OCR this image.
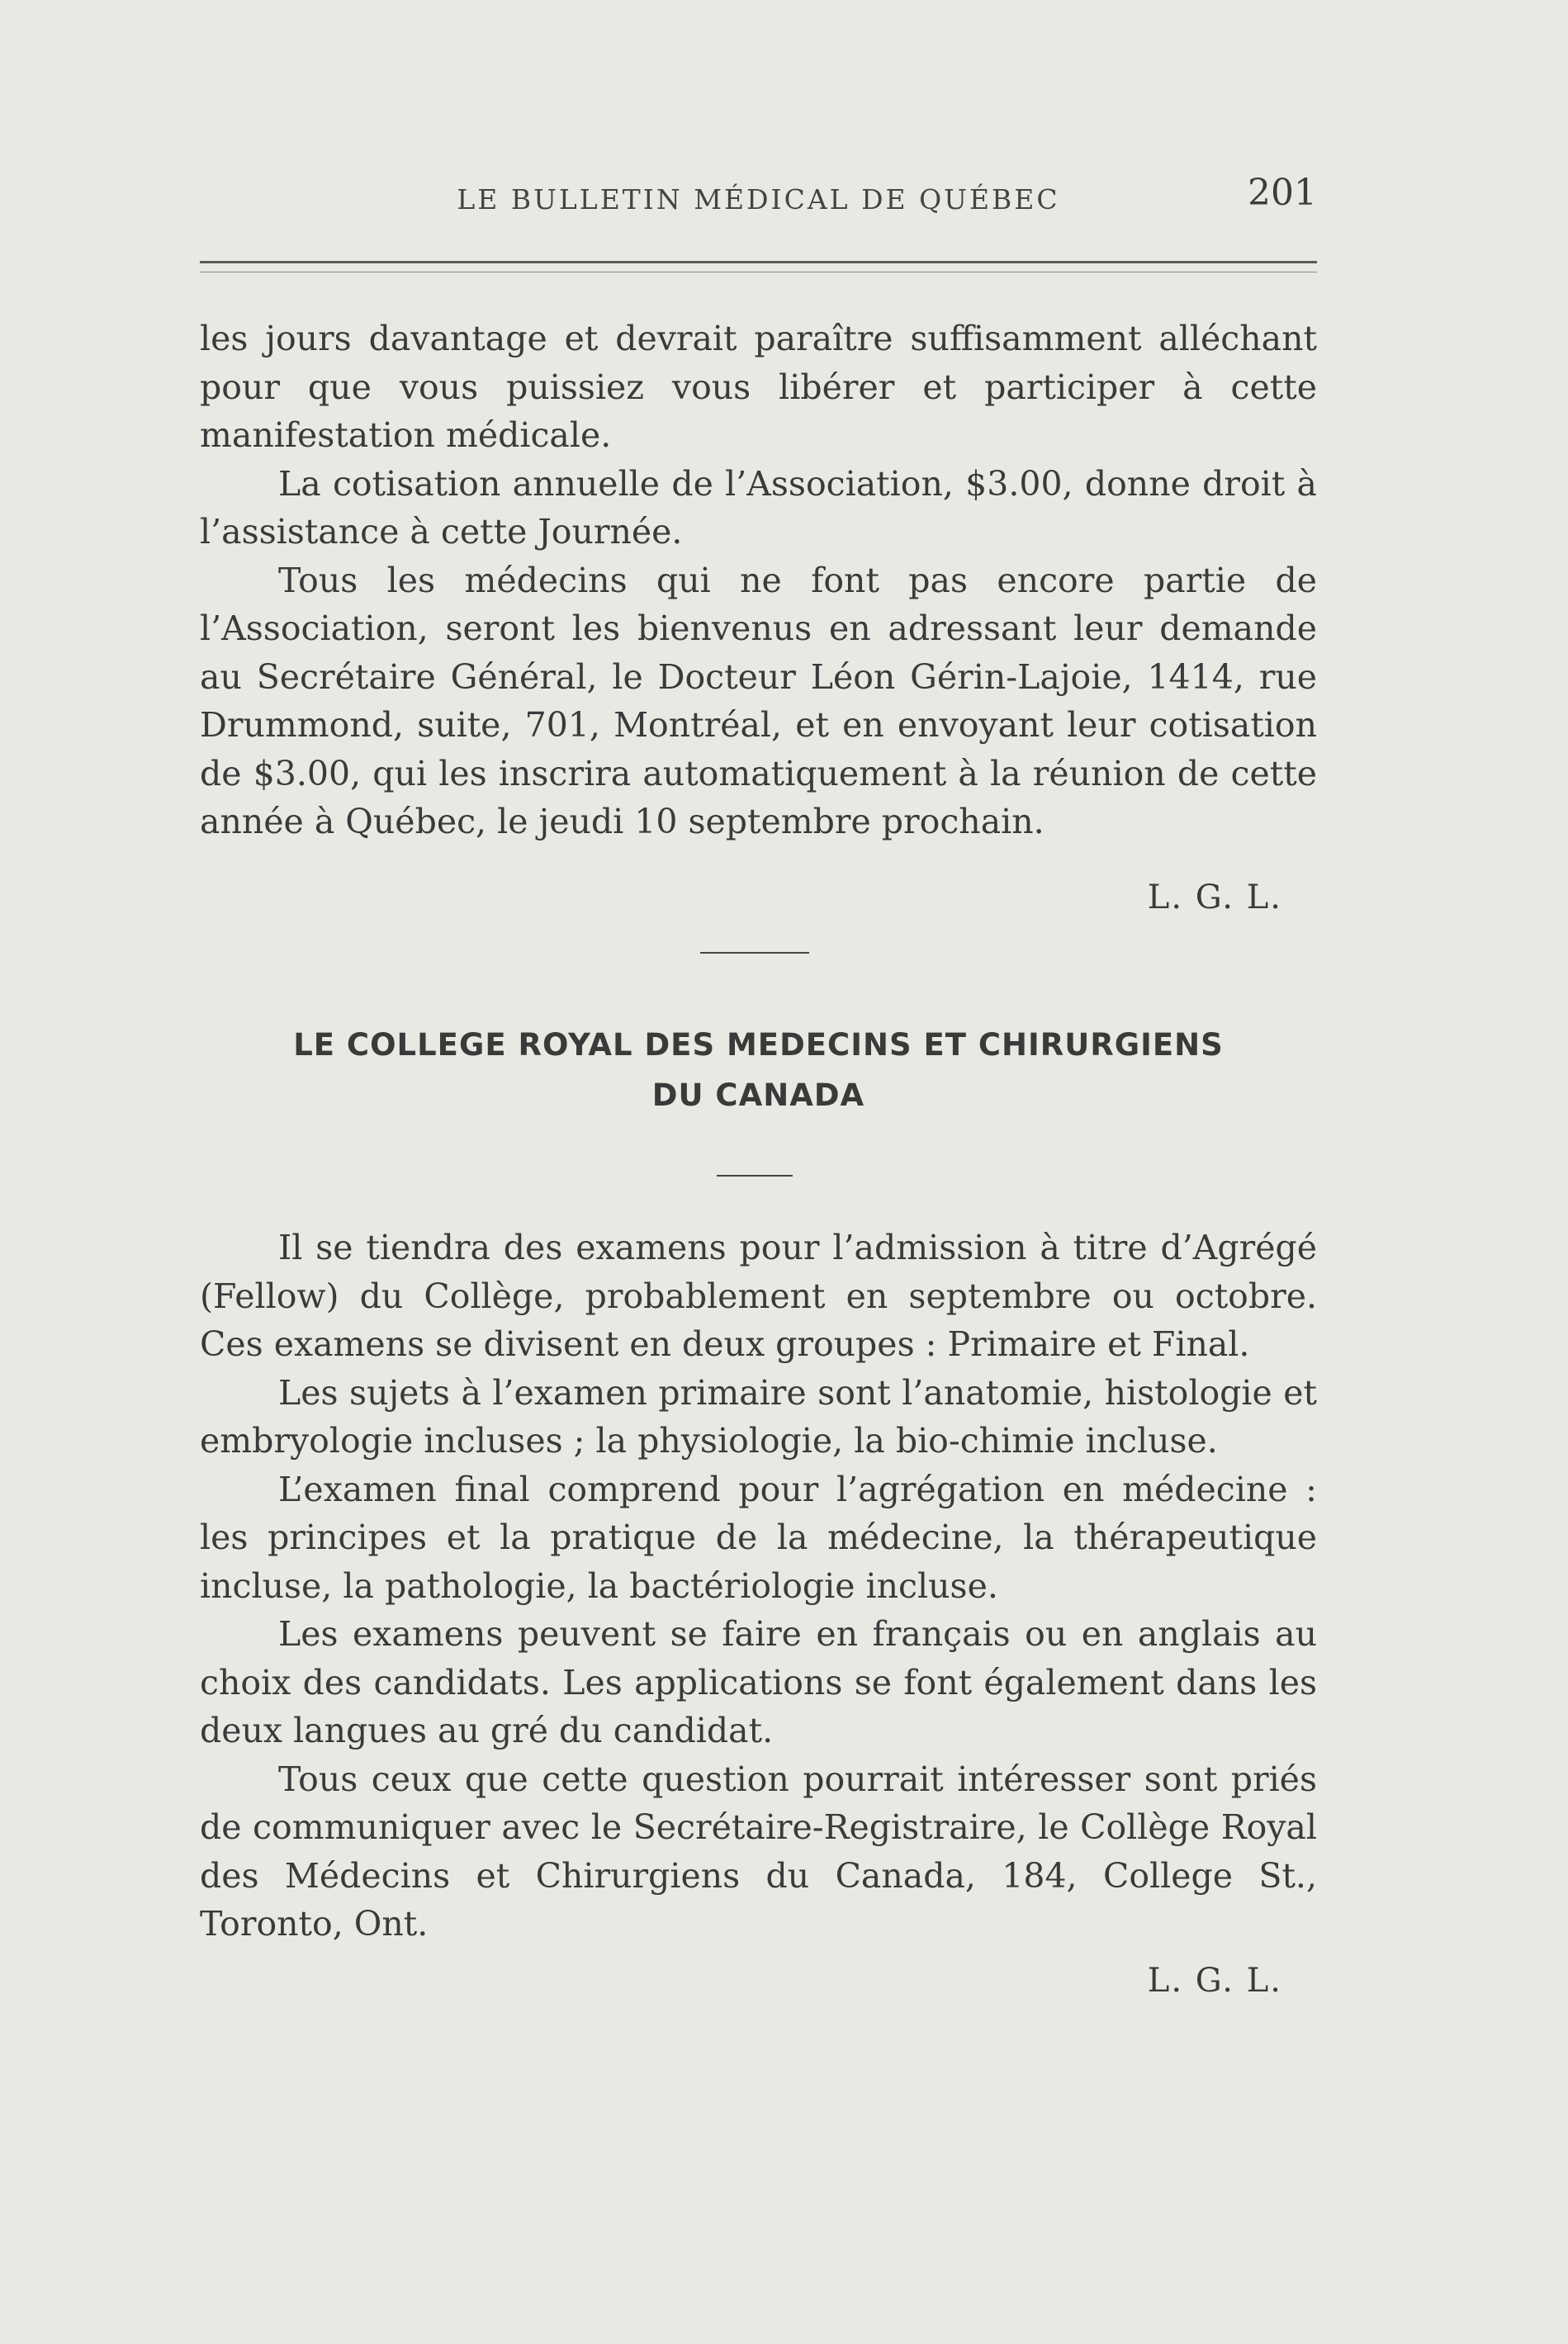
LE BULLETIN MÉDICAL DE QUÉBEC	201

les jours davantage et devrait paraître suffisamment alléchant pour que vous puissiez vous libérer et participer à cette manifestation médicale.

La cotisation annuelle de l’Association, $3.00, donne droit à l’assistance à cette Journée.

Tous les médecins qui ne font pas encore partie de l’Association, seront les bienvenus en adressant leur demande au Secrétaire Général, le Docteur Léon Gérin-Lajoie, 1414, rue Drummond, suite, 701, Montréal, et en envoyant leur cotisation de $3.00, qui les inscrira automatiquement à la réunion de cette année à Québec, le jeudi 10 septembre prochain.

L. G. L.
LE COLLEGE ROYAL DES MEDECINS ET CHIRURGIENS
DU CANADA

Il se tiendra des examens pour l’admission à titre d’Agrégé (Fellow) du Collège, probablement en septembre ou octobre. Ces examens se divisent en deux groupes : Primaire et Final.

Les sujets à l’examen primaire sont l’anatomie, histologie et embryologie incluses ; la physiologie, la bio-chimie incluse.

L’examen final comprend pour l’agrégation en médecine : les principes et la pratique de la médecine, la thérapeutique incluse, la pathologie, la bactériologie incluse.

Les examens peuvent se faire en français ou en anglais au choix des candidats. Les applications se font également dans les deux langues au gré du candidat.

Tous ceux que cette question pourrait intéresser sont priés de communiquer avec le Secrétaire-Registraire, le Collège Royal des Médecins et Chirurgiens du Canada, 184, College St., Toronto, Ont.

L. G. L.
